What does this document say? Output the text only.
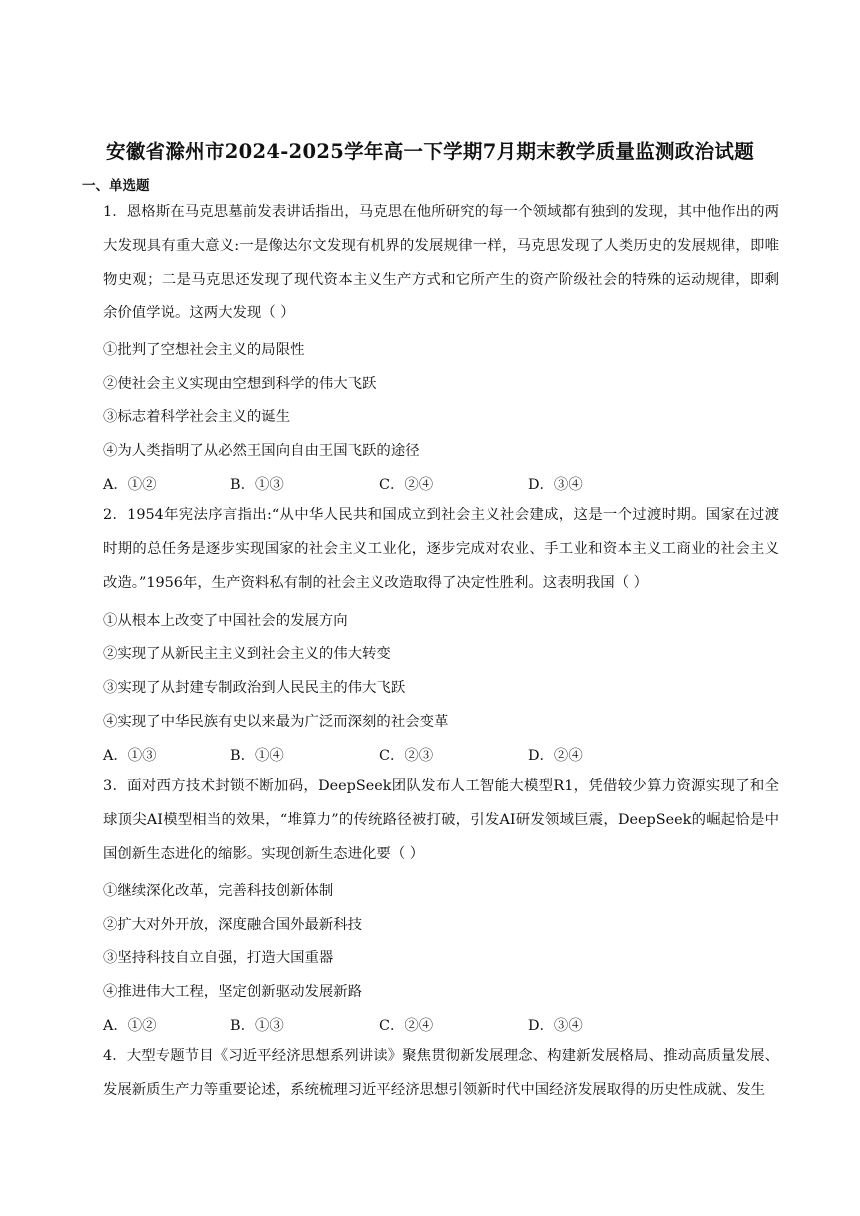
安徽省滁州市2024-2025学年高一下学期7月期末教学质量监测政治试题
一、单选题
1．恩格斯在马克思墓前发表讲话指出，马克思在他所研究的每一个领域都有独到的发现，其中他作出的两大发现具有重大意义:一是像达尔文发现有机界的发展规律一样，马克思发现了人类历史的发展规律，即唯物史观；二是马克思还发现了现代资本主义生产方式和它所产生的资产阶级社会的特殊的运动规律，即剩余价值学说。这两大发现（ ）
①批判了空想社会主义的局限性
②使社会主义实现由空想到科学的伟大飞跃
③标志着科学社会主义的诞生
④为人类指明了从必然王国向自由王国飞跃的途径
A．①②	B．①③	C．②④	D．③④
2．1954年宪法序言指出:“从中华人民共和国成立到社会主义社会建成，这是一个过渡时期。国家在过渡时期的总任务是逐步实现国家的社会主义工业化，逐步完成对农业、手工业和资本主义工商业的社会主义改造。”1956年，生产资料私有制的社会主义改造取得了决定性胜利。这表明我国（ ）
①从根本上改变了中国社会的发展方向
②实现了从新民主主义到社会主义的伟大转变
③实现了从封建专制政治到人民民主的伟大飞跃
④实现了中华民族有史以来最为广泛而深刻的社会变革
A．①③	B．①④	C．②③	D．②④
3．面对西方技术封锁不断加码，DeepSeek团队发布人工智能大模型R1，凭借较少算力资源实现了和全球顶尖AI模型相当的效果，“堆算力”的传统路径被打破，引发AI研发领域巨震，DeepSeek的崛起恰是中国创新生态进化的缩影。实现创新生态进化要（ ）
①继续深化改革，完善科技创新体制
②扩大对外开放，深度融合国外最新科技
③坚持科技自立自强，打造大国重器
④推进伟大工程，坚定创新驱动发展新路
A．①②	B．①③	C．②④	D．③④
4．大型专题节目《习近平经济思想系列讲读》聚焦贯彻新发展理念、构建新发展格局、推动高质量发展、发展新质生产力等重要论述，系统梳理习近平经济思想引领新时代中国经济发展取得的历史性成就、发生
